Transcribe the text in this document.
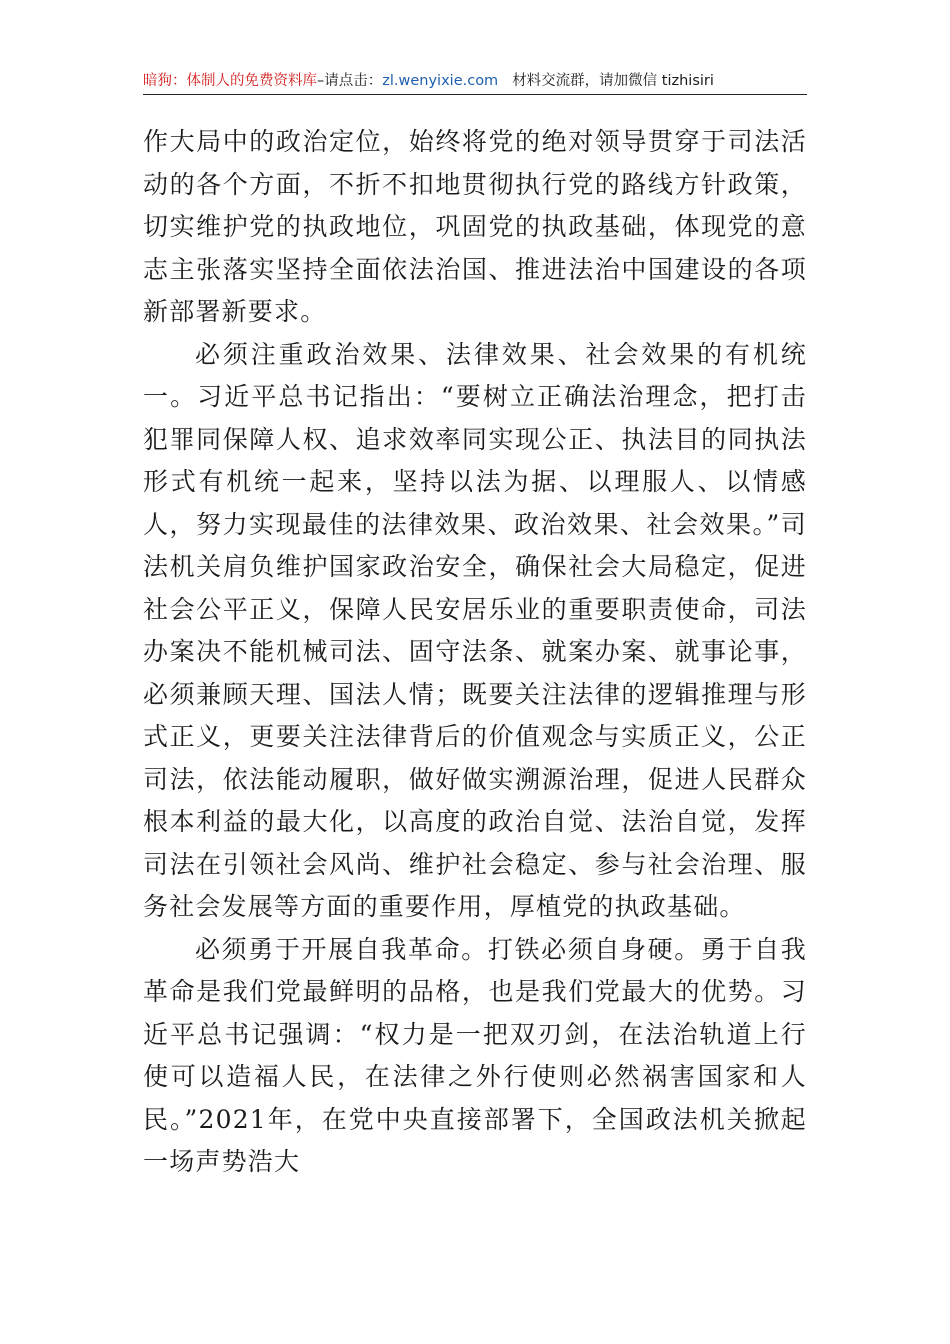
暗狗：体制人的免费资料库–请点击：zl.wenyixie.com 材料交流群，请加微信 tizhisiri

作大局中的政治定位，始终将党的绝对领导贯穿于司法活动的各个方面，不折不扣地贯彻执行党的路线方针政策，切实维护党的执政地位，巩固党的执政基础，体现党的意志主张落实坚持全面依法治国、推进法治中国建设的各项新部署新要求。

必须注重政治效果、法律效果、社会效果的有机统一。习近平总书记指出：“要树立正确法治理念，把打击犯罪同保障人权、追求效率同实现公正、执法目的同执法形式有机统一起来，坚持以法为据、以理服人、以情感人，努力实现最佳的法律效果、政治效果、社会效果。”司法机关肩负维护国家政治安全，确保社会大局稳定，促进社会公平正义，保障人民安居乐业的重要职责使命，司法办案决不能机械司法、固守法条、就案办案、就事论事，必须兼顾天理、国法人情；既要关注法律的逻辑推理与形式正义，更要关注法律背后的价值观念与实质正义，公正司法，依法能动履职，做好做实溯源治理，促进人民群众根本利益的最大化，以高度的政治自觉、法治自觉，发挥司法在引领社会风尚、维护社会稳定、参与社会治理、服务社会发展等方面的重要作用，厚植党的执政基础。

必须勇于开展自我革命。打铁必须自身硬。勇于自我革命是我们党最鲜明的品格，也是我们党最大的优势。习近平总书记强调：“权力是一把双刃剑，在法治轨道上行使可以造福人民，在法律之外行使则必然祸害国家和人民。”2021年，在党中央直接部署下，全国政法机关掀起一场声势浩大
